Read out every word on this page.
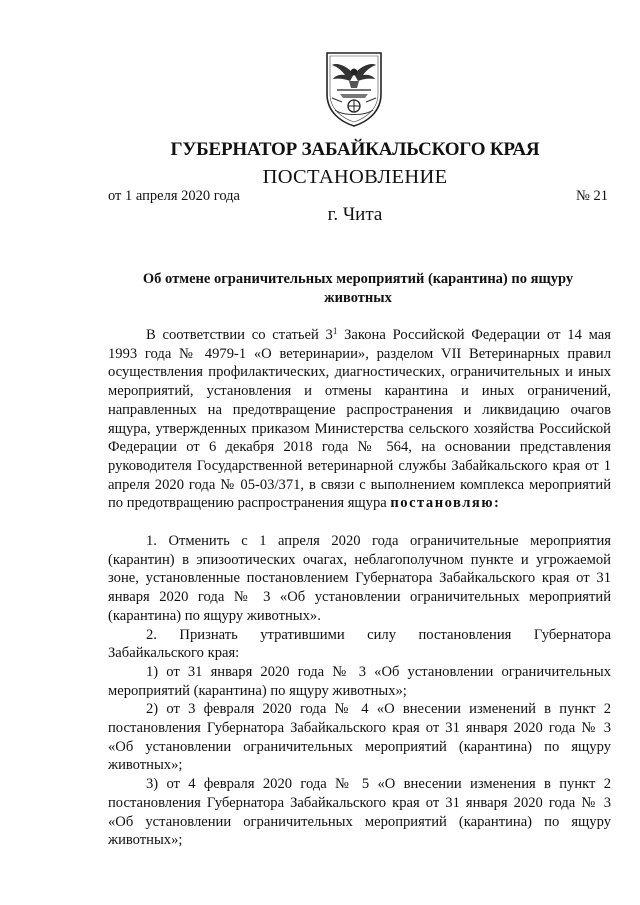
ГУБЕРНАТОР ЗАБАЙКАЛЬСКОГО КРАЯ
ПОСТАНОВЛЕНИЕ
от 1 апреля 2020 года	№ 21
г. Чита
Об отмене ограничительных мероприятий (карантина) по ящуру
животных

В соответствии со статьей $3^1$ Закона Российской Федерации от 14 мая 1993 года № 4979-1 «О ветеринарии», разделом VII Ветеринарных правил осуществления профилактических, диагностических, ограничительных и иных мероприятий, установления и отмены карантина и иных ограничений, направленных на предотвращение распространения и ликвидацию очагов ящура, утвержденных приказом Министерства сельского хозяйства Российской Федерации от 6 декабря 2018 года № 564, на основании представления руководителя Государственной ветеринарной службы Забайкальского края от 1 апреля 2020 года № 05-03/371, в связи с выполнением комплекса мероприятий по предотвращению распространения ящура постановляю:

1. Отменить с 1 апреля 2020 года ограничительные мероприятия (карантин) в эпизоотических очагах, неблагополучном пункте и угрожаемой зоне, установленные постановлением Губернатора Забайкальского края от 31 января 2020 года № 3 «Об установлении ограничительных мероприятий (карантина) по ящуру животных».

2. Признать утратившими силу постановления Губернатора Забайкальского края:

1) от 31 января 2020 года № 3 «Об установлении ограничительных мероприятий (карантина) по ящуру животных»;

2) от 3 февраля 2020 года № 4 «О внесении изменений в пункт 2 постановления Губернатора Забайкальского края от 31 января 2020 года № 3 «Об установлении ограничительных мероприятий (карантина) по ящуру животных»;

3) от 4 февраля 2020 года № 5 «О внесении изменения в пункт 2 постановления Губернатора Забайкальского края от 31 января 2020 года № 3 «Об установлении ограничительных мероприятий (карантина) по ящуру животных»;
